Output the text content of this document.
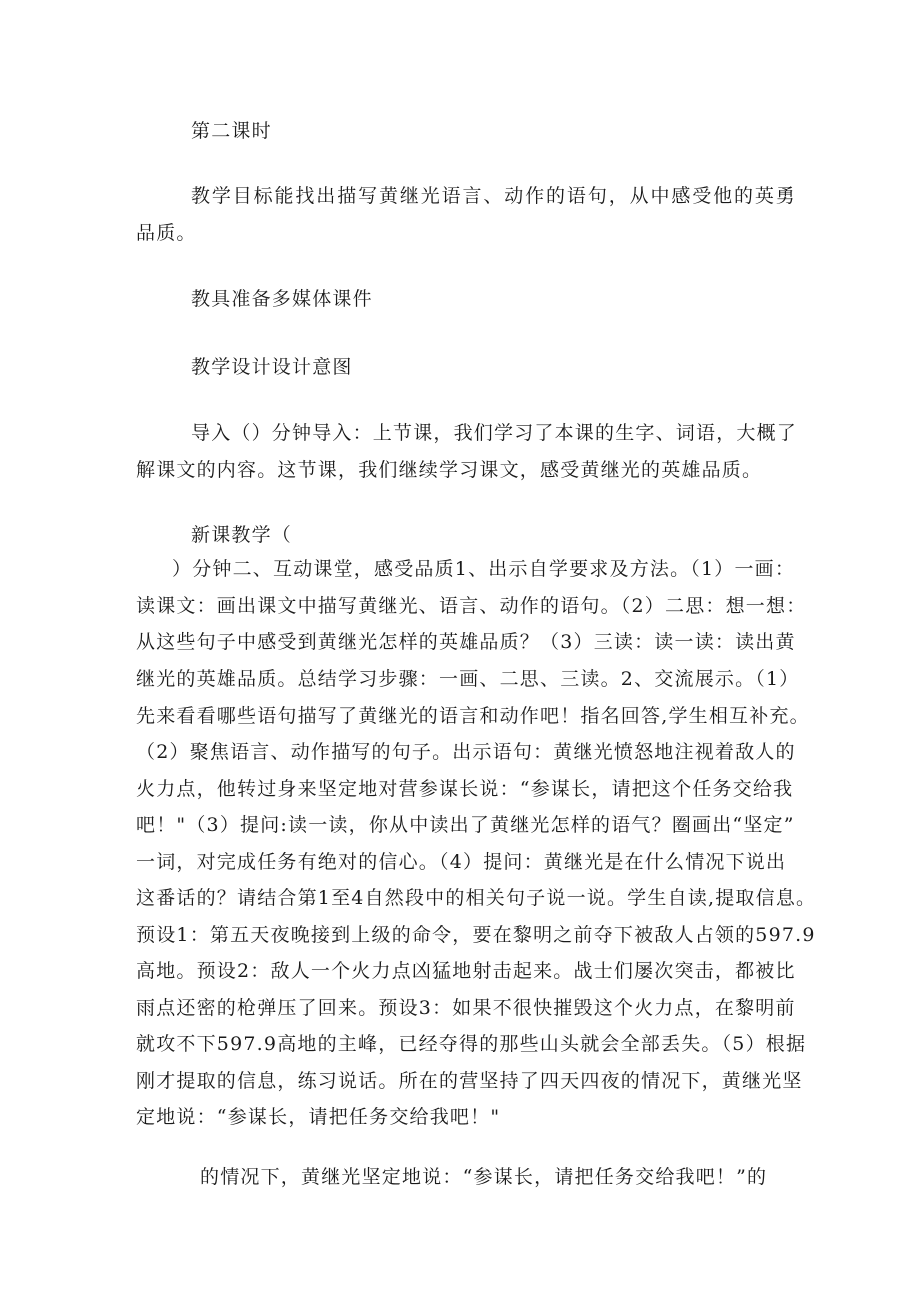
第二课时

教学目标能找出描写黄继光语言、动作的语句，从中感受他的英勇品质。

教具准备多媒体课件

教学设计设计意图

导入（）分钟导入：上节课，我们学习了本课的生字、词语，大概了

解课文的内容。这节课，我们继续学习课文，感受黄继光的英雄品质。

新课教学（

）分钟二、互动课堂，感受品质1、出示自学要求及方法。（1）一画：

读课文：画出课文中描写黄继光、语言、动作的语句。（2）二思：想一想：

从这些句子中感受到黄继光怎样的英雄品质？（3）三读：读一读：读出黄

继光的英雄品质。总结学习步骤：一画、二思、三读。2、交流展示。（1）

先来看看哪些语句描写了黄继光的语言和动作吧！指名回答,学生相互补充。

（2）聚焦语言、动作描写的句子。出示语句：黄继光愤怒地注视着敌人的

火力点，他转过身来坚定地对营参谋长说：“参谋长，请把这个任务交给我

吧！"（3）提问:读一读，你从中读出了黄继光怎样的语气？圈画出“坚定”

一词，对完成任务有绝对的信心。（4）提问：黄继光是在什么情况下说出

这番话的？请结合第1至4自然段中的相关句子说一说。学生自读,提取信息。

预设1：第五天夜晚接到上级的命令，要在黎明之前夺下被敌人占领的597.9

高地。预设2：敌人一个火力点凶猛地射击起来。战士们屡次突击，都被比

雨点还密的枪弹压了回来。预设3：如果不很快摧毁这个火力点，在黎明前

就攻不下597.9高地的主峰，已经夺得的那些山头就会全部丢失。（5）根据

刚才提取的信息，练习说话。所在的营坚持了四天四夜的情况下，黄继光坚

定地说：“参谋长，请把任务交给我吧！"

的情况下，黄继光坚定地说：“参谋长，请把任务交给我吧！”的
